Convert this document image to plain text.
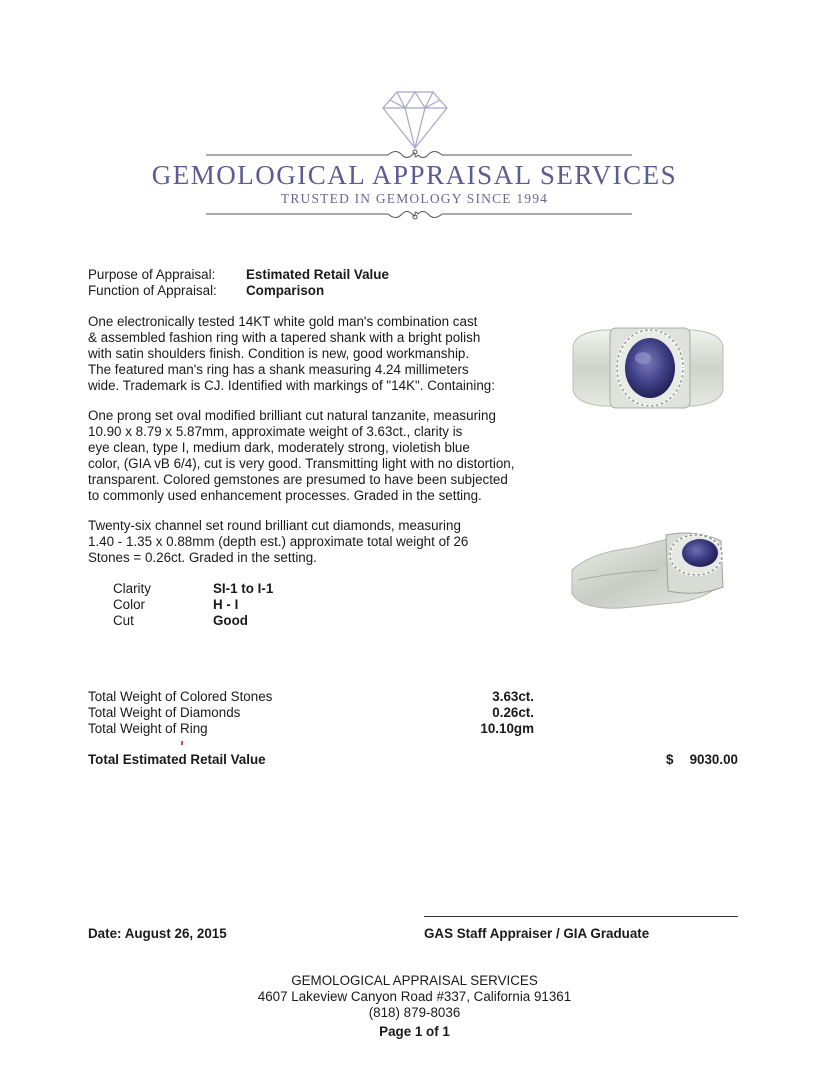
GEMOLOGICAL APPRAISAL SERVICES
TRUSTED IN GEMOLOGY SINCE 1994
Purpose of Appraisal: Estimated Retail Value
Function of Appraisal: Comparison
One electronically tested 14KT white gold man's combination cast
& assembled fashion ring with a tapered shank with a bright polish
with satin shoulders finish. Condition is new, good workmanship.
The featured man's ring has a shank measuring 4.24 millimeters
wide. Trademark is CJ. Identified with markings of "14K". Containing:
One prong set oval modified brilliant cut natural tanzanite, measuring
10.90 x 8.79 x 5.87mm, approximate weight of 3.63ct., clarity is
eye clean, type I, medium dark, moderately strong, violetish blue
color, (GIA vB 6/4), cut is very good. Transmitting light with no distortion,
transparent. Colored gemstones are presumed to have been subjected
to commonly used enhancement processes. Graded in the setting.
Twenty-six channel set round brilliant cut diamonds, measuring
1.40 - 1.35 x 0.88mm (depth est.) approximate total weight of 26
Stones = 0.26ct. Graded in the setting.
Clarity	SI-1 to I-1
Color	H - I
Cut	Good
Total Weight of Colored Stones	3.63ct.
Total Weight of Diamonds	0.26ct.
Total Weight of Ring	10.10gm
Total Estimated Retail Value	$	9030.00
Date: August 26, 2015	GAS Staff Appraiser / GIA Graduate
GEMOLOGICAL APPRAISAL SERVICES
4607 Lakeview Canyon Road #337, California 91361
(818) 879-8036
Page 1 of 1
